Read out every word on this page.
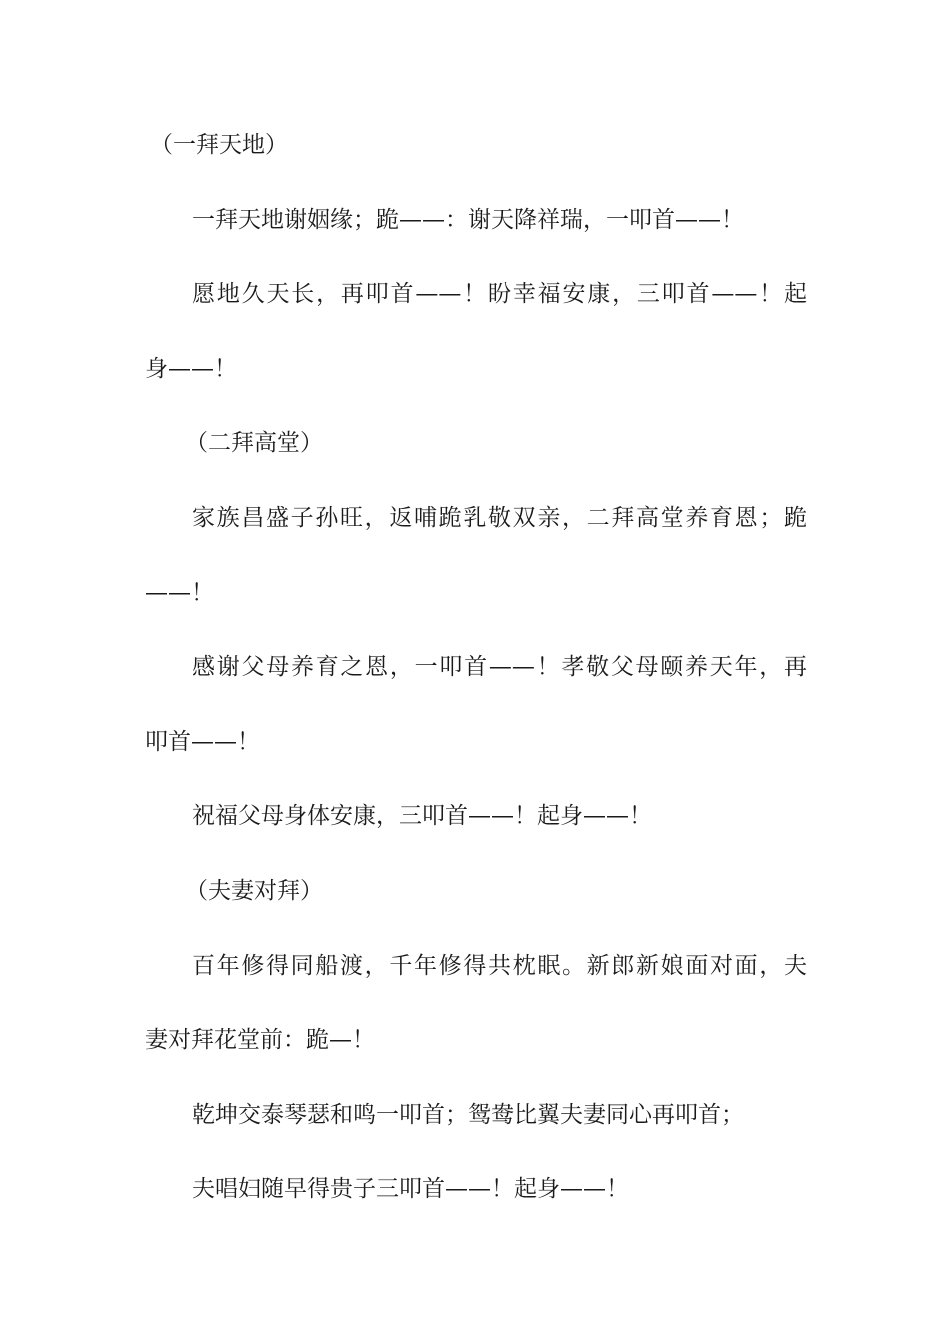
（一拜天地）
一拜天地谢姻缘；跪——：谢天降祥瑞，一叩首——！
愿地久天长，再叩首——！盼幸福安康，三叩首——！起
身——！
（二拜高堂）
家族昌盛子孙旺，返哺跪乳敬双亲，二拜高堂养育恩；跪
——！
感谢父母养育之恩，一叩首——！孝敬父母颐养天年，再
叩首——！
祝福父母身体安康，三叩首——！起身——！
（夫妻对拜）
百年修得同船渡，千年修得共枕眠。新郎新娘面对面，夫
妻对拜花堂前：跪—！
乾坤交泰琴瑟和鸣一叩首；鸳鸯比翼夫妻同心再叩首；
夫唱妇随早得贵子三叩首——！起身——！
